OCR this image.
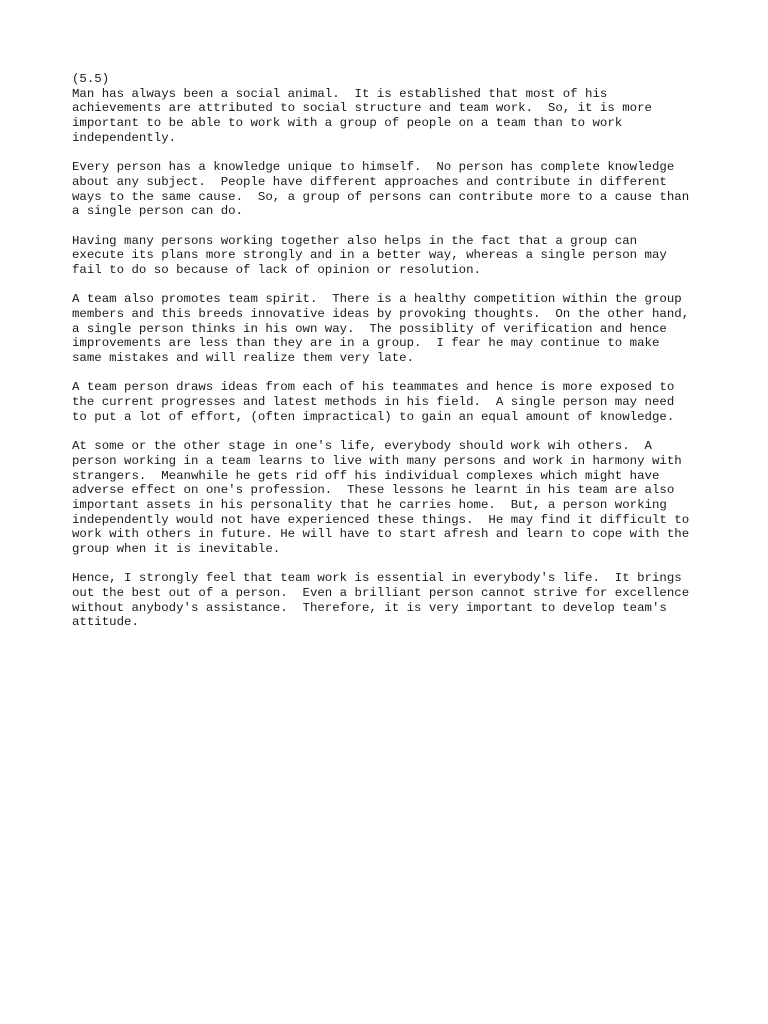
(5.5)
Man has always been a social animal.  It is established that most of his
achievements are attributed to social structure and team work.  So, it is more
important to be able to work with a group of people on a team than to work
independently.
Every person has a knowledge unique to himself.  No person has complete knowledge
about any subject.  People have different approaches and contribute in different
ways to the same cause.  So, a group of persons can contribute more to a cause than
a single person can do.
Having many persons working together also helps in the fact that a group can
execute its plans more strongly and in a better way, whereas a single person may
fail to do so because of lack of opinion or resolution.
A team also promotes team spirit.  There is a healthy competition within the group
members and this breeds innovative ideas by provoking thoughts.  On the other hand,
a single person thinks in his own way.  The possiblity of verification and hence
improvements are less than they are in a group.  I fear he may continue to make
same mistakes and will realize them very late.
A team person draws ideas from each of his teammates and hence is more exposed to
the current progresses and latest methods in his field.  A single person may need
to put a lot of effort, (often impractical) to gain an equal amount of knowledge.
At some or the other stage in one's life, everybody should work wih others.  A
person working in a team learns to live with many persons and work in harmony with
strangers.  Meanwhile he gets rid off his individual complexes which might have
adverse effect on one's profession.  These lessons he learnt in his team are also
important assets in his personality that he carries home.  But, a person working
independently would not have experienced these things.  He may find it difficult to
work with others in future. He will have to start afresh and learn to cope with the
group when it is inevitable.
Hence, I strongly feel that team work is essential in everybody's life.  It brings
out the best out of a person.  Even a brilliant person cannot strive for excellence
without anybody's assistance.  Therefore, it is very important to develop team's
attitude.
